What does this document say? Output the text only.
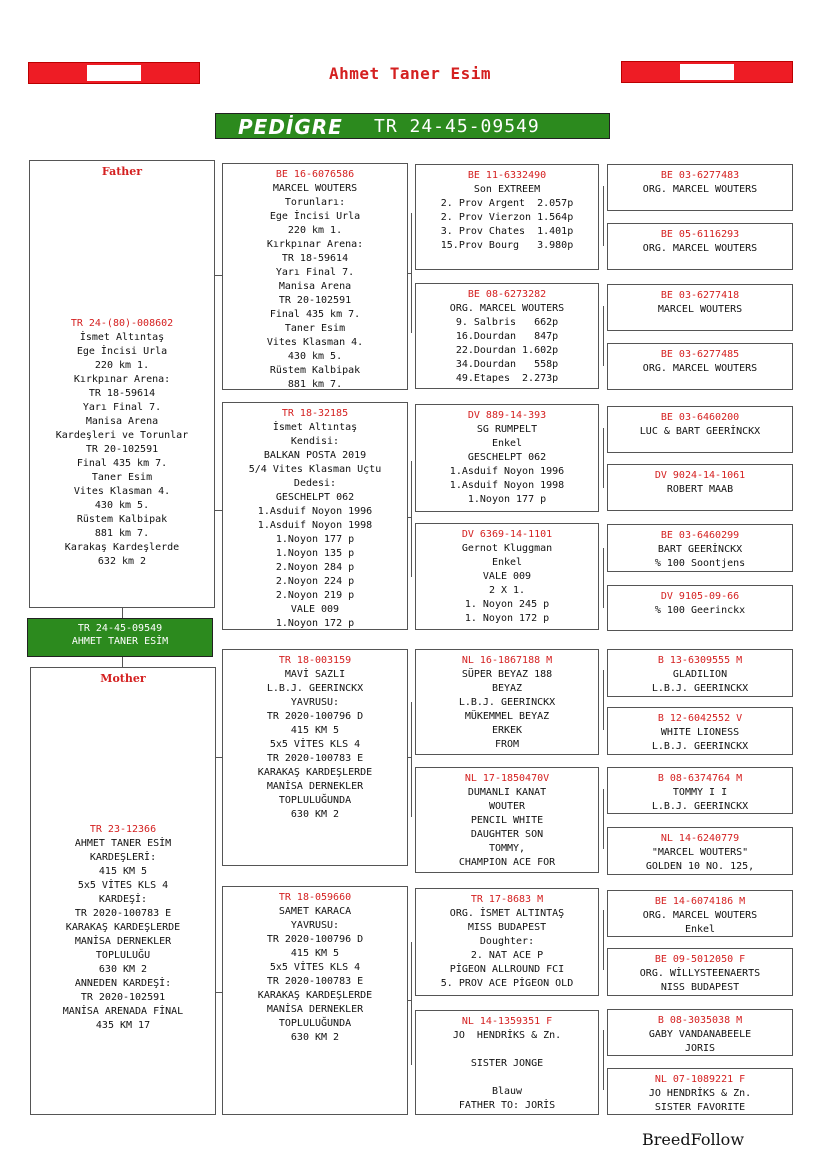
Ahmet Taner Esim
PEDİGRE TR 24-45-09549
Father
TR 24-(80)-008602
İsmet Altıntaş
Ege İncisi Urla
220 km 1.
Kırkpınar Arena:
TR 18-59614
Yarı Final 7.
Manisa Arena
Kardeşleri ve Torunlar
TR 20-102591
Final 435 km 7.
Taner Esim
Vites Klasman 4.
430 km 5.
Rüstem Kalbipak
881 km 7.
Karakaş Kardeşlerde
632 km 2
TR 24-45-09549
AHMET TANER ESİM
Mother
TR 23-12366
AHMET TANER ESİM
KARDEŞLERİ:
415 KM 5
5x5 VİTES KLS 4
KARDEŞİ:
TR 2020-100783 E
KARAKAŞ KARDEŞLERDE
MANİSA DERNEKLER
TOPLULUĞU
630 KM 2
ANNEDEN KARDEŞİ:
TR 2020-102591
MANİSA ARENADA FİNAL
435 KM 17
BE 16-6076586
MARCEL WOUTERS
Torunları:
Ege İncisi Urla
220 km 1.
Kırkpınar Arena:
TR 18-59614
Yarı Final 7.
Manisa Arena
TR 20-102591
Final 435 km 7.
Taner Esim
Vites Klasman 4.
430 km 5.
Rüstem Kalbipak
881 km 7.
TR 18-32185
İsmet Altıntaş
Kendisi:
BALKAN POSTA 2019
5/4 Vites Klasman Uçtu
Dedesi:
GESCHELPT 062
1.Asduif Noyon 1996
1.Asduif Noyon 1998
1.Noyon 177 p
1.Noyon 135 p
2.Noyon 284 p
2.Noyon 224 p
2.Noyon 219 p
VALE 009
1.Noyon 172 p
TR 18-003159
MAVİ SAZLI
L.B.J. GEERINCKX
YAVRUSU:
TR 2020-100796 D
415 KM 5
5x5 VİTES KLS 4
TR 2020-100783 E
KARAKAŞ KARDEŞLERDE
MANİSA DERNEKLER
TOPLULUĞUNDA
630 KM 2
TR 18-059660
SAMET KARACA
YAVRUSU:
TR 2020-100796 D
415 KM 5
5x5 VİTES KLS 4
TR 2020-100783 E
KARAKAŞ KARDEŞLERDE
MANİSA DERNEKLER
TOPLULUĞUNDA
630 KM 2
BE 11-6332490
Son EXTREEM
2. Prov Argent  2.057p
2. Prov Vierzon 1.564p
3. Prov Chates  1.401p
15.Prov Bourg   3.980p
BE 08-6273282
ORG. MARCEL WOUTERS
9. Salbris   662p
16.Dourdan   847p
22.Dourdan 1.602p
34.Dourdan   558p
49.Etapes  2.273p
DV 889-14-393
SG RUMPELT
Enkel
GESCHELPT 062
1.Asduif Noyon 1996
1.Asduif Noyon 1998
1.Noyon 177 p
DV 6369-14-1101
Gernot Kluggman
Enkel
VALE 009
2 X 1.
1. Noyon 245 p
1. Noyon 172 p
NL 16-1867188 M
SÜPER BEYAZ 188
BEYAZ
L.B.J. GEERINCKX
MÜKEMMEL BEYAZ
ERKEK
FROM
NL 17-1850470V
DUMANLI KANAT
WOUTER
PENCIL WHITE
DAUGHTER SON
TOMMY,
CHAMPION ACE FOR
TR 17-8683 M
ORG. İSMET ALTINTAŞ
MISS BUDAPEST
Doughter:
2. NAT ACE P
PİGEON ALLROUND FCI
5. PROV ACE PİGEON OLD
NL 14-1359351 F
JO  HENDRİKS & Zn.

SISTER JONGE

Blauw
FATHER TO: JORİS
BE 03-6277483
ORG. MARCEL WOUTERS
BE 05-6116293
ORG. MARCEL WOUTERS
BE 03-6277418
MARCEL WOUTERS
BE 03-6277485
ORG. MARCEL WOUTERS
BE 03-6460200
LUC & BART GEERİNCKX
DV 9024-14-1061
ROBERT MAAB
BE 03-6460299
BART GEERİNCKX
% 100 Soontjens
DV 9105-09-66
% 100 Geerinckx
B 13-6309555 M
GLADILION
L.B.J. GEERINCKX
B 12-6042552 V
WHITE LIONESS
L.B.J. GEERINCKX
B 08-6374764 M
TOMMY I I
L.B.J. GEERINCKX
NL 14-6240779
"MARCEL WOUTERS"
GOLDEN 10 NO. 125,
BE 14-6074186 M
ORG. MARCEL WOUTERS
Enkel
BE 09-5012050 F
ORG. WİLLYSTEENAERTS
NISS BUDAPEST
B 08-3035038 M
GABY VANDANABEELE
JORIS
NL 07-1089221 F
JO HENDRİKS & Zn.
SISTER FAVORITE
BreedFollow
